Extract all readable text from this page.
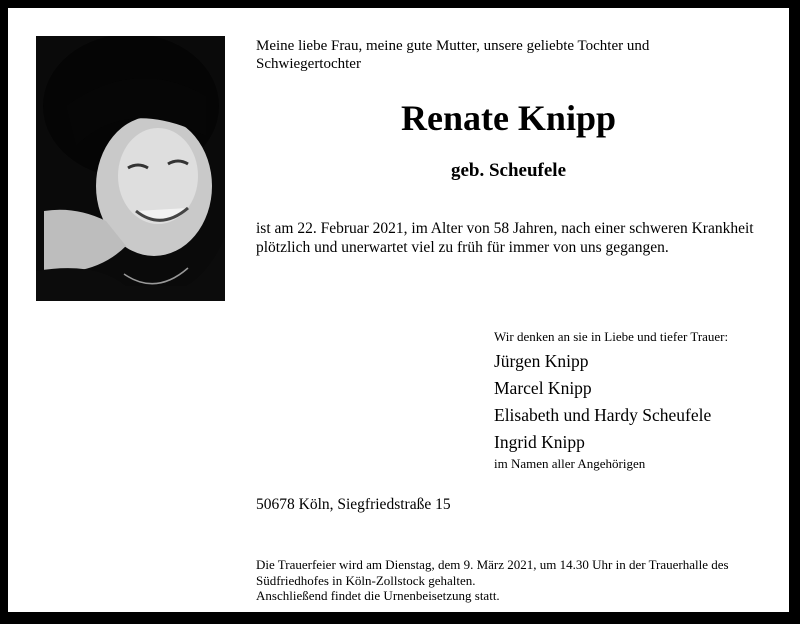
Meine liebe Frau, meine gute Mutter, unsere geliebte Tochter und Schwiegertochter
Renate Knipp
geb. Scheufele
ist am 22. Februar 2021, im Alter von 58 Jahren, nach einer schweren Krankheit plötzlich und unerwartet viel zu früh für immer von uns gegangen.
Wir denken an sie in Liebe und tiefer Trauer:
Jürgen Knipp
Marcel Knipp
Elisabeth und Hardy Scheufele
Ingrid Knipp
im Namen aller Angehörigen
50678 Köln, Siegfriedstraße 15
Die Trauerfeier wird am Dienstag, dem 9. März 2021, um 14.30 Uhr in der Trauerhalle des
Südfriedhofes in Köln-Zollstock gehalten.
Anschließend findet die Urnenbeisetzung statt.
